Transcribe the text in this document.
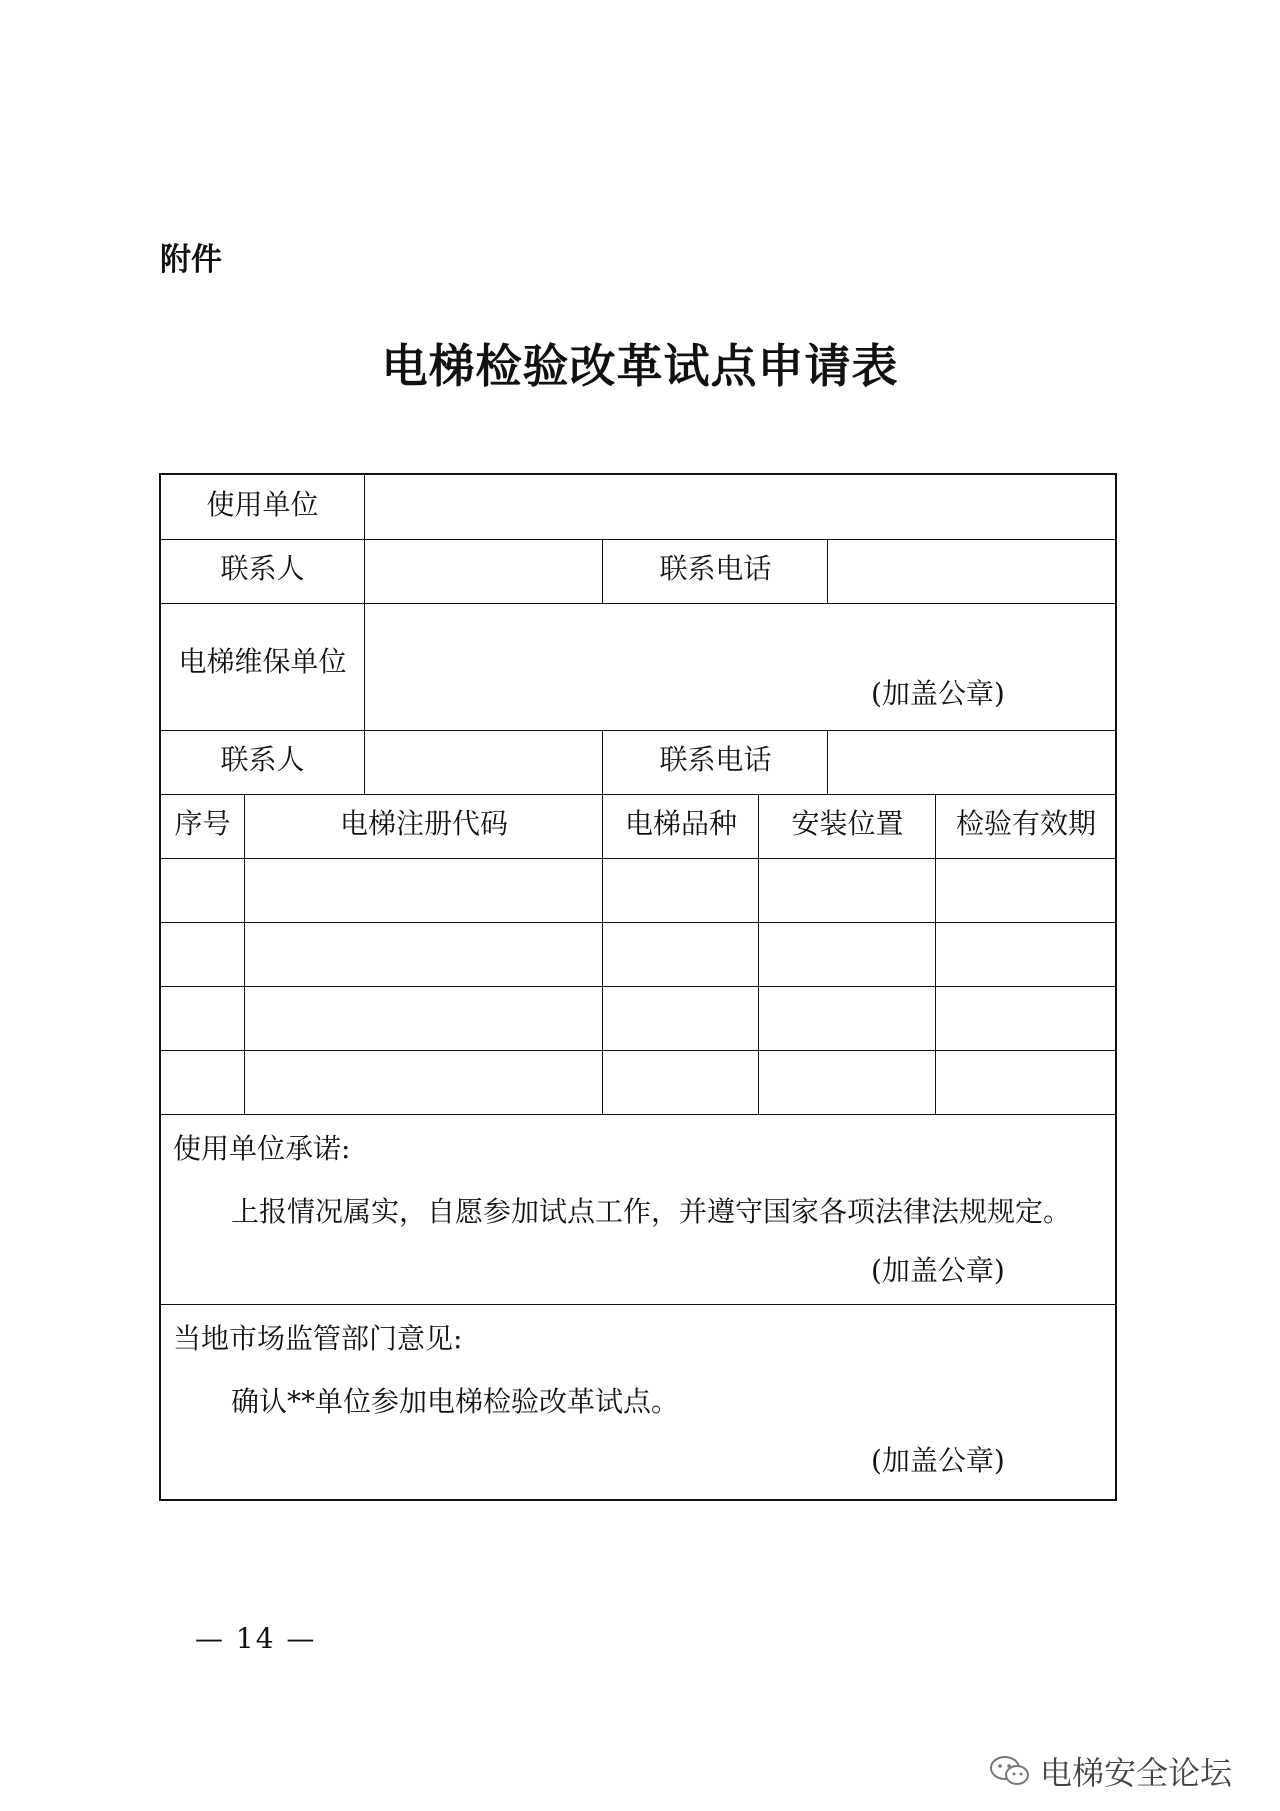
附件
电梯检验改革试点申请表
使用单位
联系人	联系电话
电梯维保单位
(加盖公章)
联系人	联系电话
序号	电梯注册代码	电梯品种	安装位置	检验有效期
使用单位承诺:
上报情况属实，自愿参加试点工作，并遵守国家各项法律法规规定。
(加盖公章)
当地市场监管部门意见:
确认**单位参加电梯检验改革试点。
(加盖公章)
— 14 —
电梯安全论坛
